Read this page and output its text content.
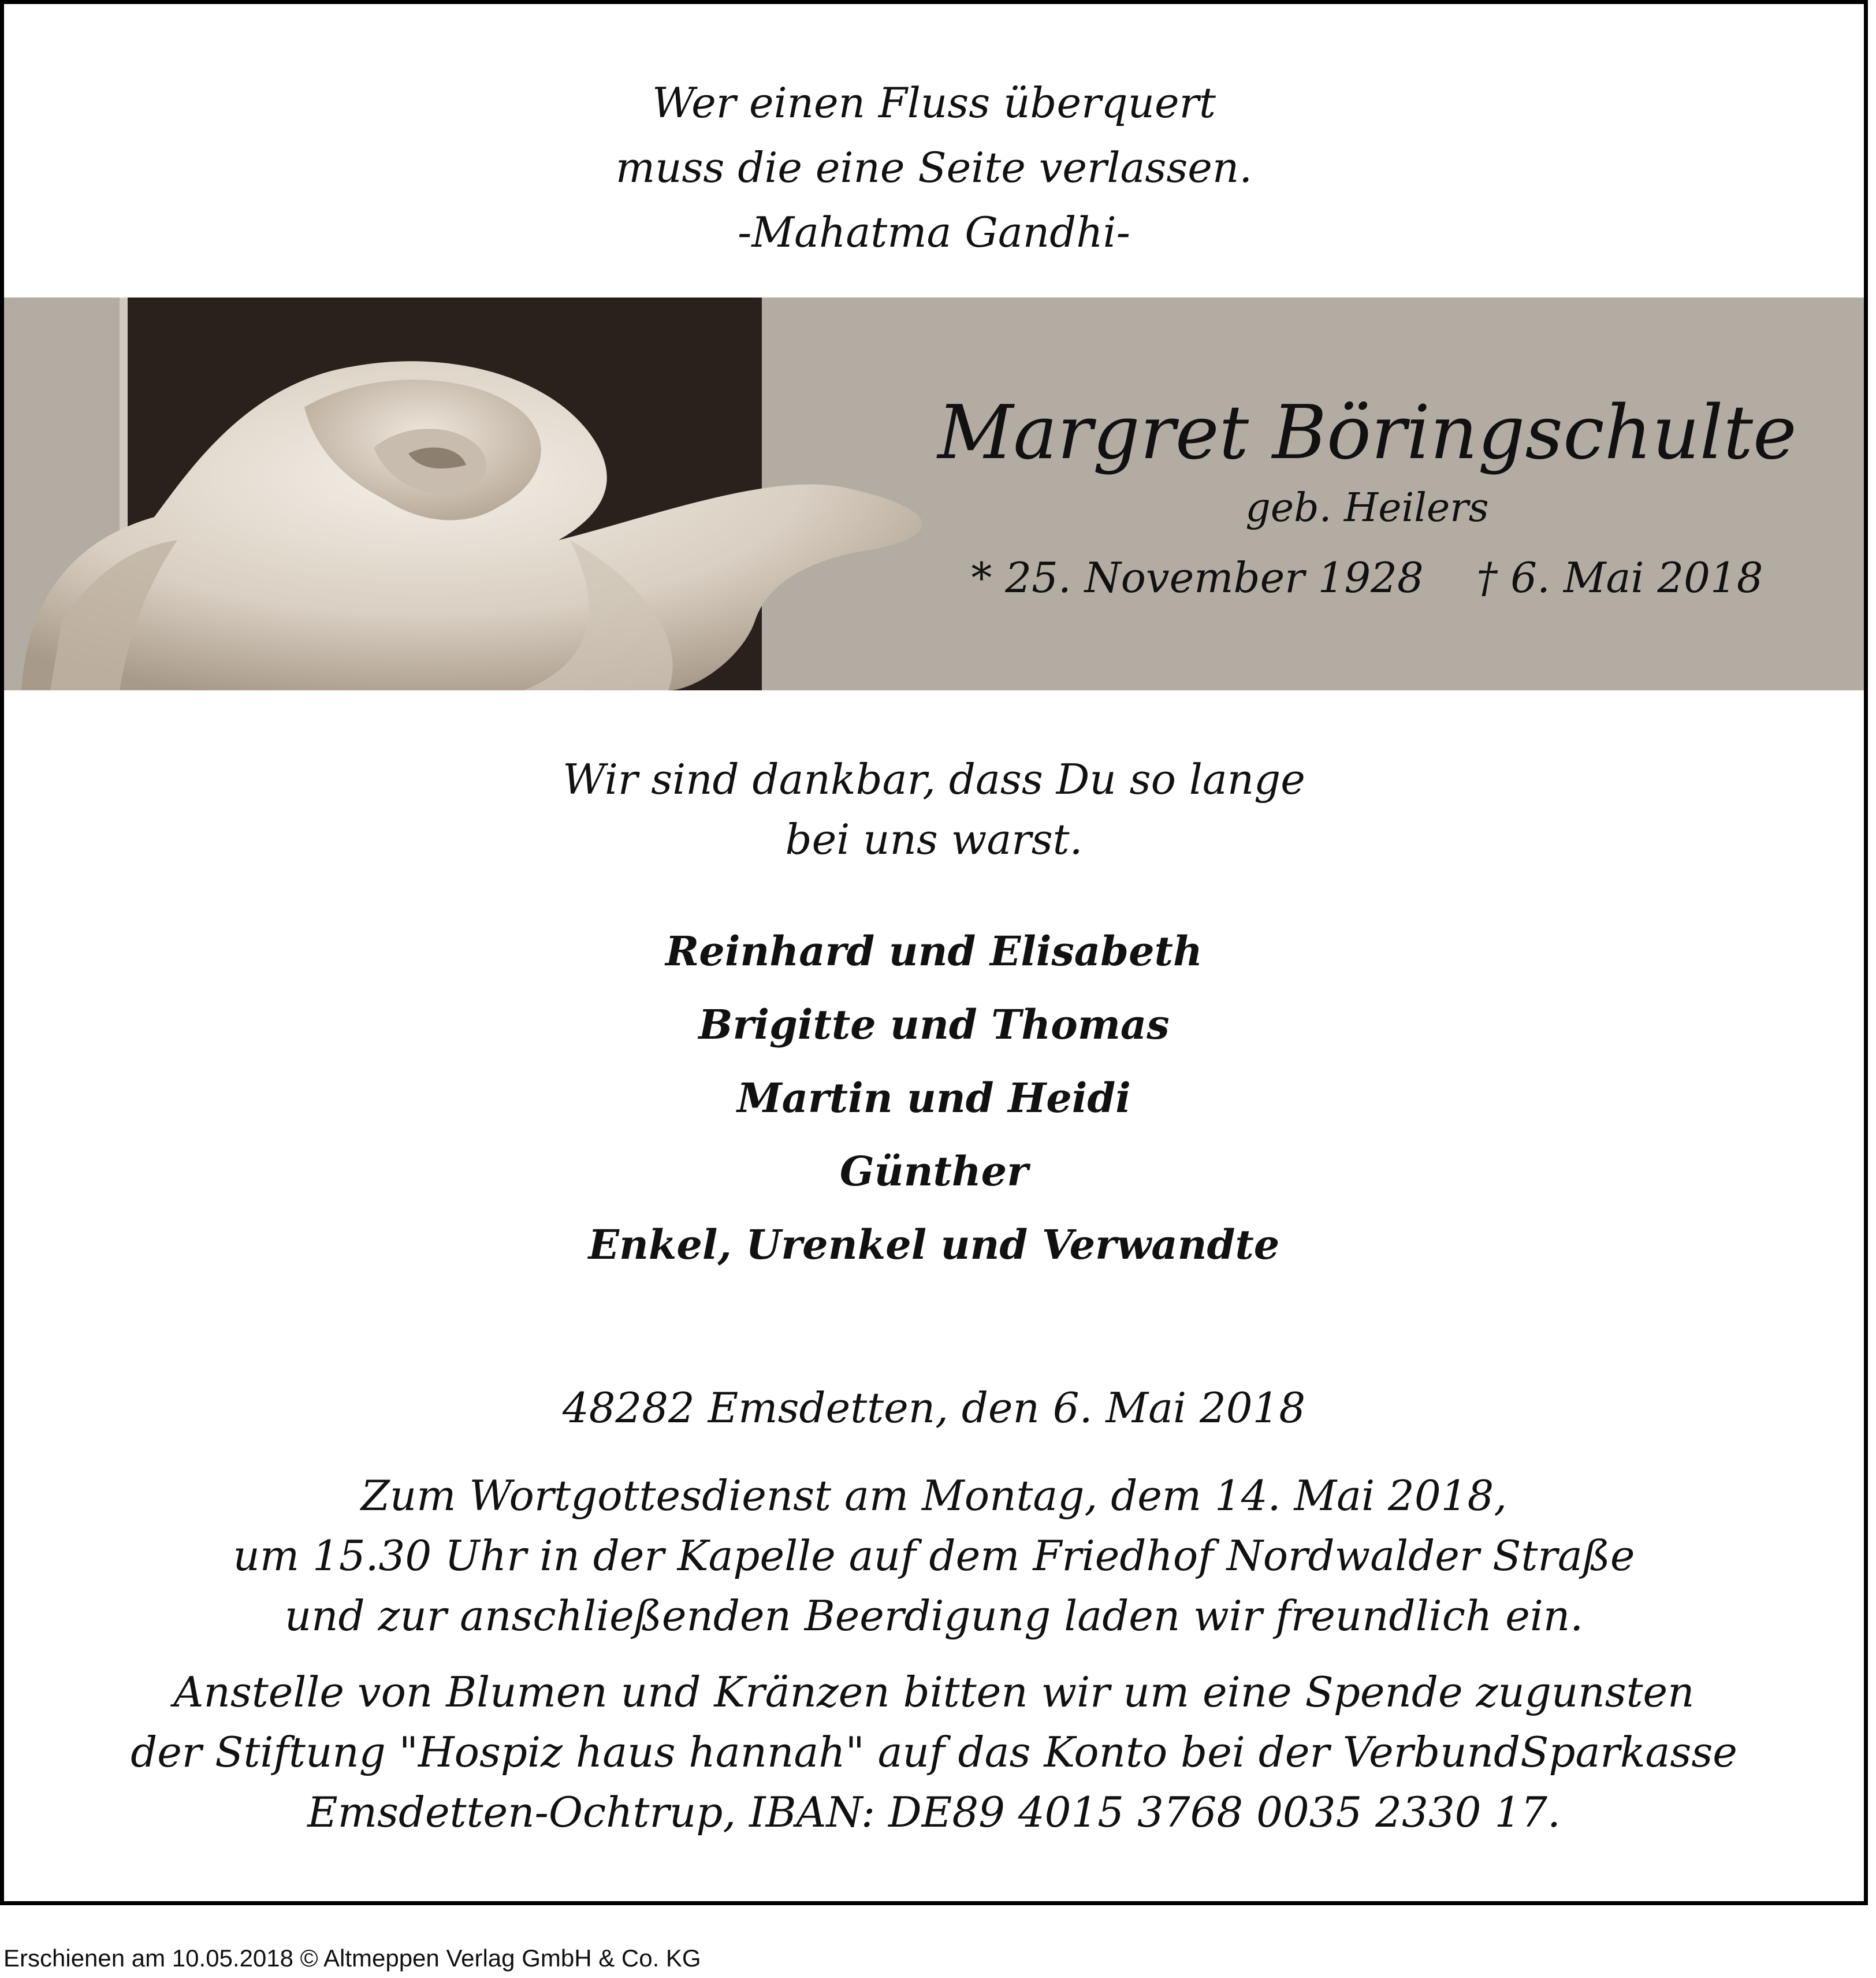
Wer einen Fluss überquert
muss die eine Seite verlassen.
-Mahatma Gandhi-
Margret Böringschulte
geb. Heilers
* 25. November 1928    † 6. Mai 2018
Wir sind dankbar, dass Du so lange
bei uns warst.
Reinhard und Elisabeth
Brigitte und Thomas
Martin und Heidi
Günther
Enkel, Urenkel und Verwandte
48282 Emsdetten, den 6. Mai 2018
Zum Wortgottesdienst am Montag, dem 14. Mai 2018,
um 15.30 Uhr in der Kapelle auf dem Friedhof Nordwalder Straße
und zur anschließenden Beerdigung laden wir freundlich ein.
Anstelle von Blumen und Kränzen bitten wir um eine Spende zugunsten
der Stiftung "Hospiz haus hannah" auf das Konto bei der VerbundSparkasse
Emsdetten-Ochtrup, IBAN: DE89 4015 3768 0035 2330 17.
Erschienen am 10.05.2018 © Altmeppen Verlag GmbH & Co. KG
